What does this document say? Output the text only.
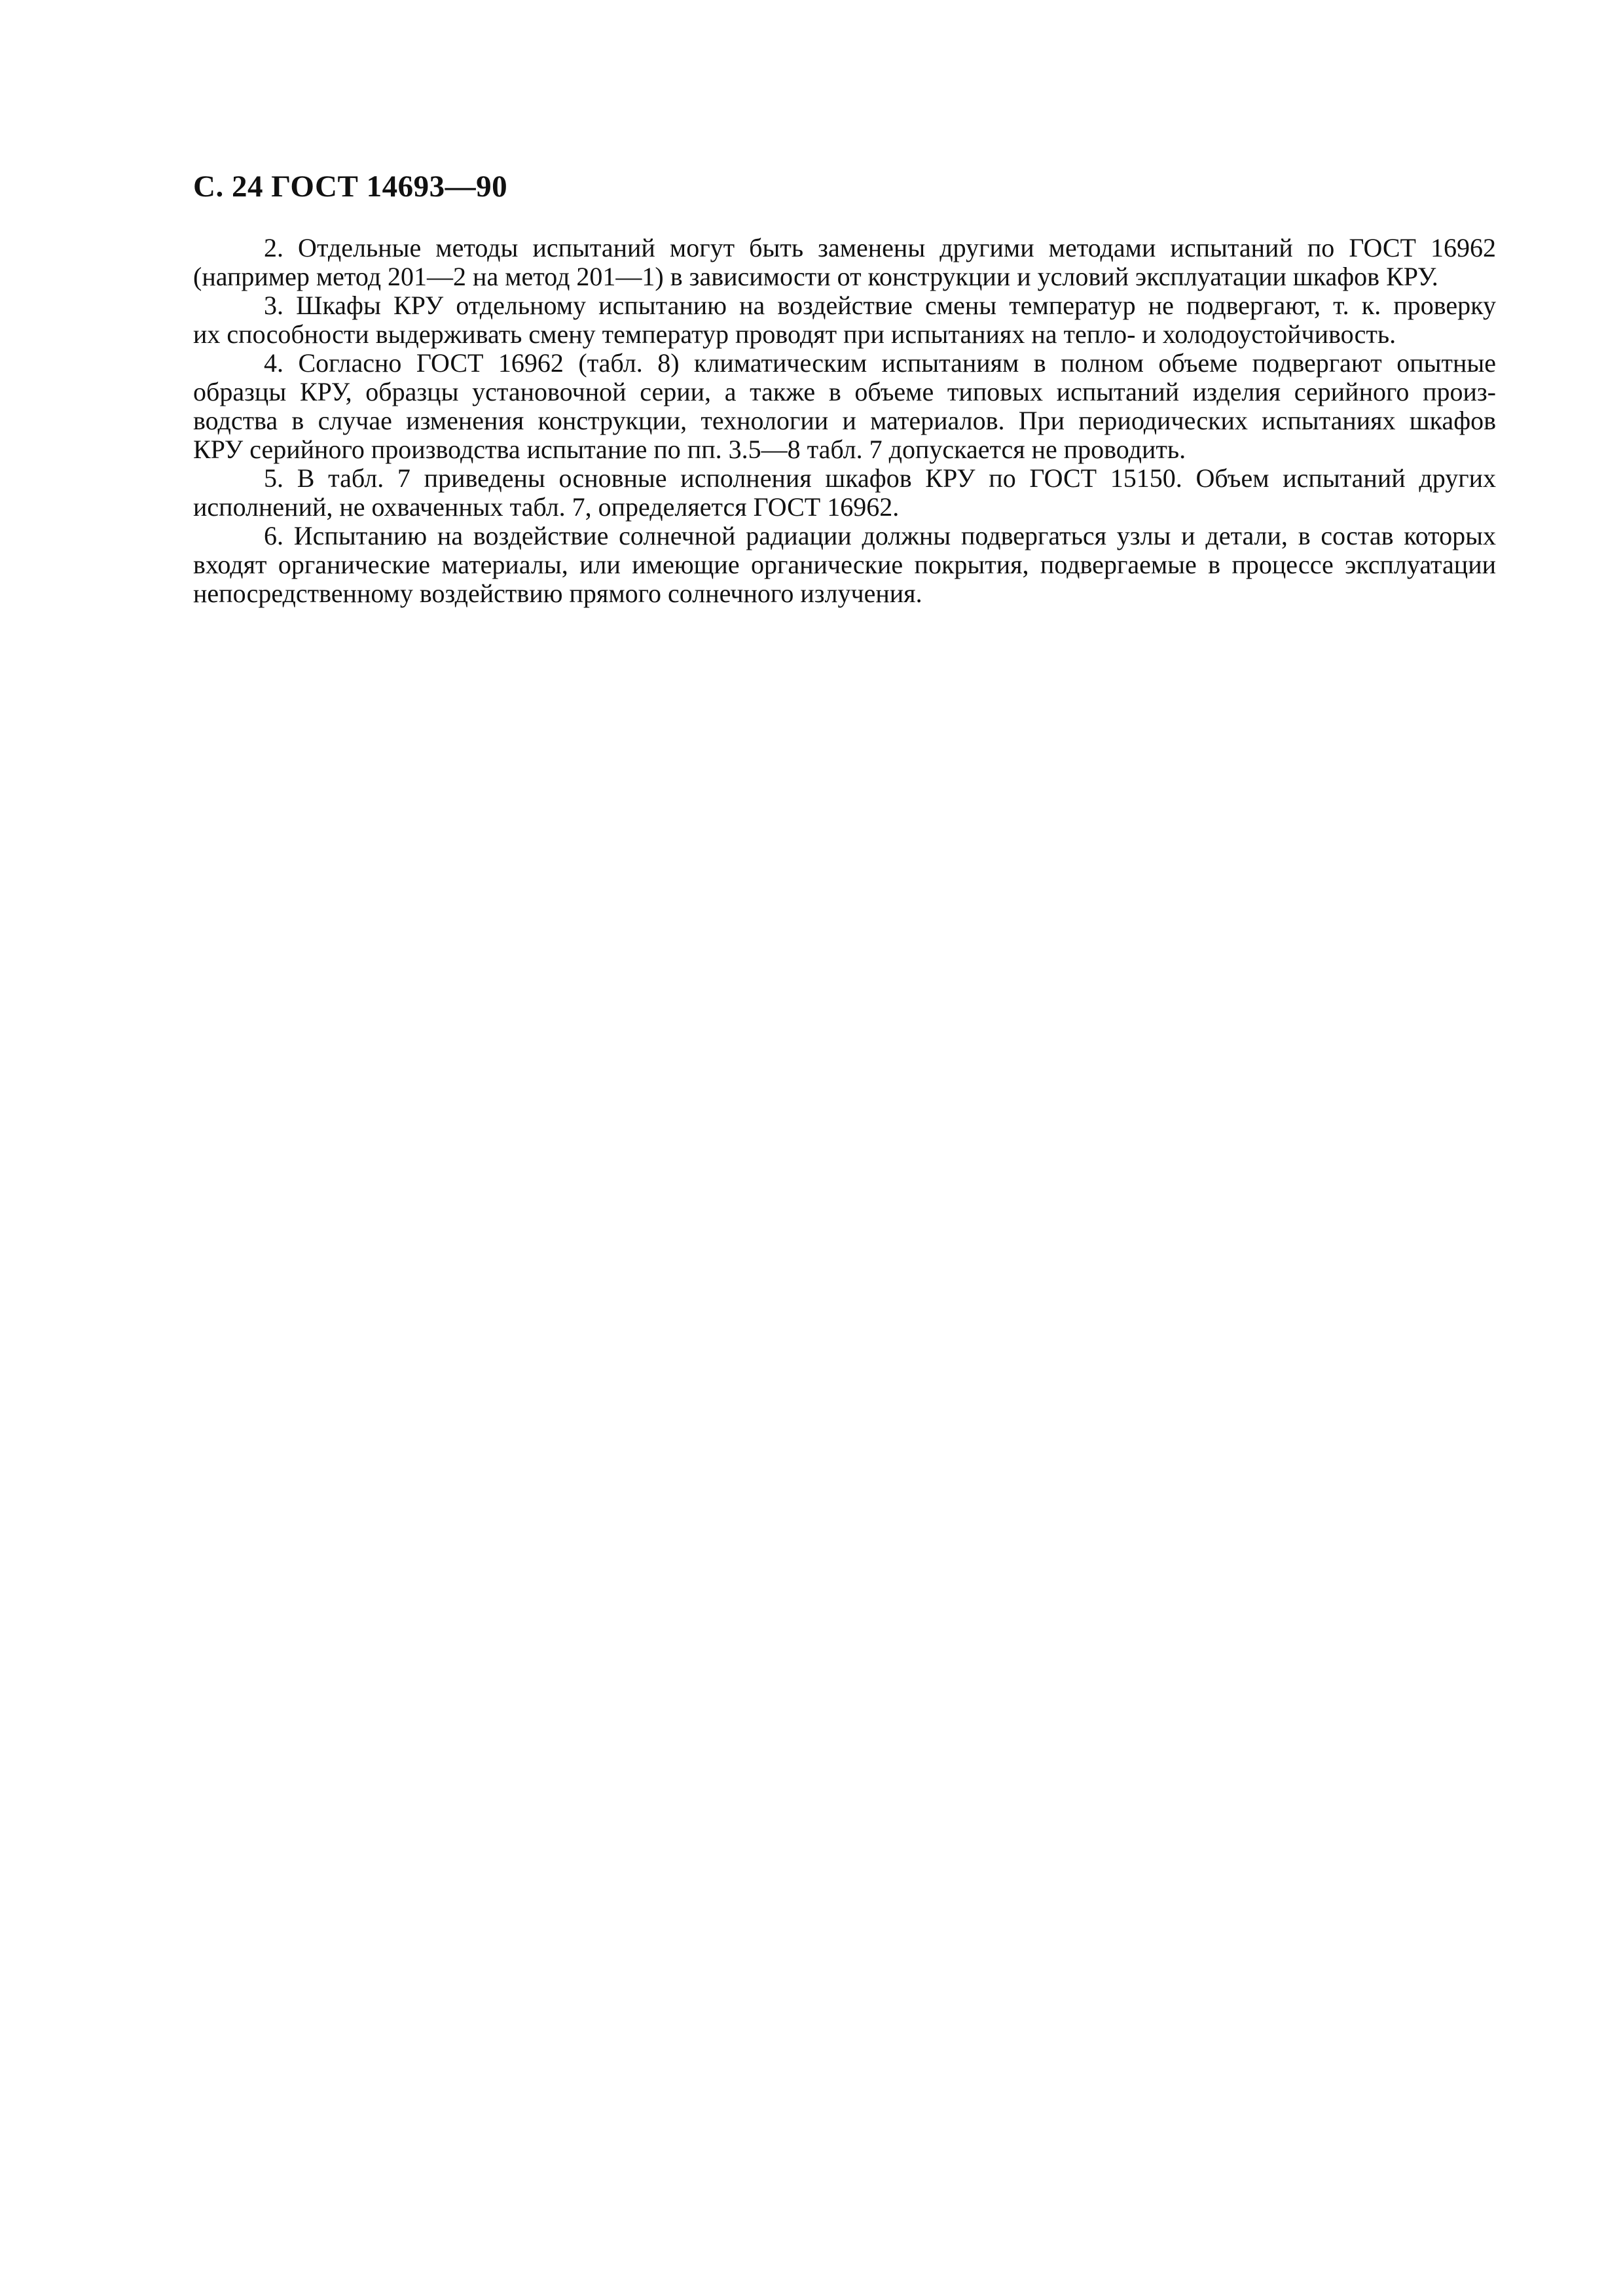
С. 24 ГОСТ 14693—90

2. Отдельные методы испытаний могут быть заменены другими методами испытаний по ГОСТ 16962
(например метод 201—2 на метод 201—1) в зависимости от конструкции и условий эксплуатации шкафов КРУ.

3. Шкафы КРУ отдельному испытанию на воздействие смены температур не подвергают, т. к. проверку
их способности выдерживать смену температур проводят при испытаниях на тепло- и холодоустойчивость.

4. Согласно ГОСТ 16962 (табл. 8) климатическим испытаниям в полном объеме подвергают опытные
образцы КРУ, образцы установочной серии, а также в объеме типовых испытаний изделия серийного произ-
водства в случае изменения конструкции, технологии и материалов. При периодических испытаниях шкафов
КРУ серийного производства испытание по пп. 3.5—8 табл. 7 допускается не проводить.

5. В табл. 7 приведены основные исполнения шкафов КРУ по ГОСТ 15150. Объем испытаний других
исполнений, не охваченных табл. 7, определяется ГОСТ 16962.

6. Испытанию на воздействие солнечной радиации должны подвергаться узлы и детали, в состав которых
входят органические материалы, или имеющие органические покрытия, подвергаемые в процессе эксплуатации
непосредственному воздействию прямого солнечного излучения.
